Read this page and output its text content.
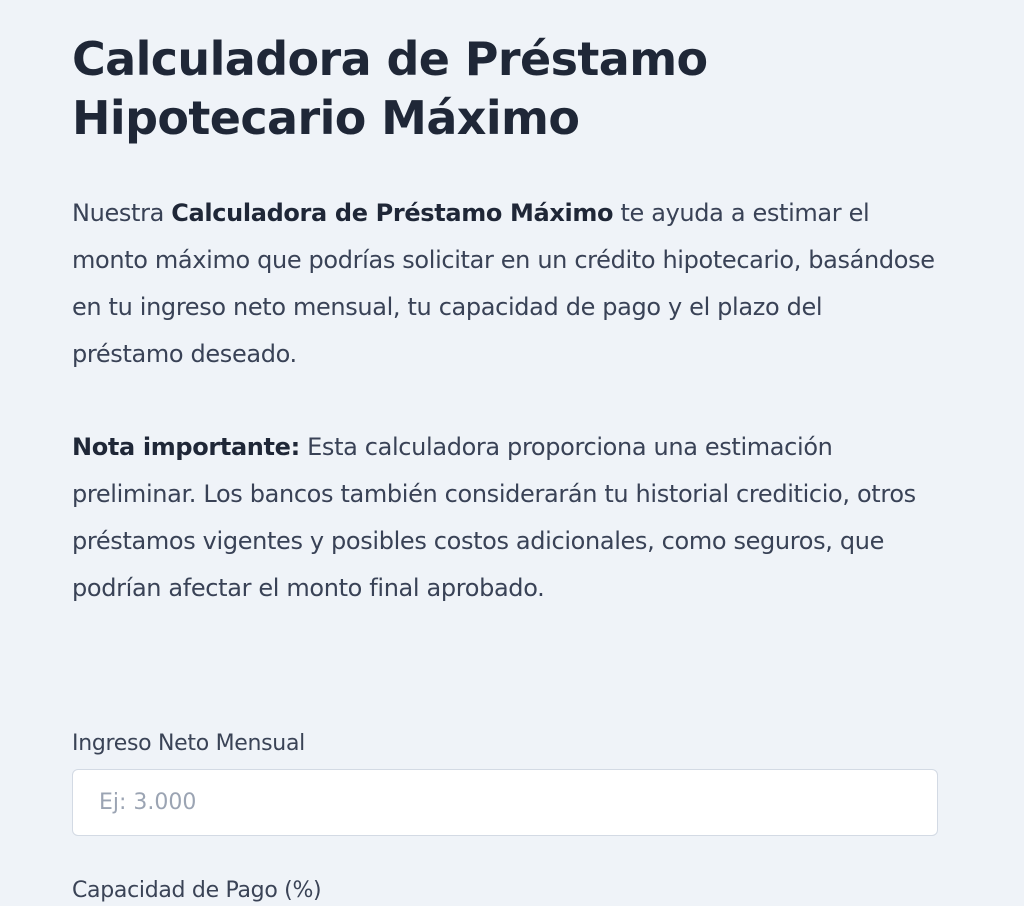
Calculadora de Préstamo Hipotecario Máximo

Nuestra Calculadora de Préstamo Máximo te ayuda a estimar el monto máximo que podrías solicitar en un crédito hipotecario, basándose en tu ingreso neto mensual, tu capacidad de pago y el plazo del préstamo deseado.

Nota importante: Esta calculadora proporciona una estimación preliminar. Los bancos también considerarán tu historial crediticio, otros préstamos vigentes y posibles costos adicionales, como seguros, que podrían afectar el monto final aprobado.

Ingreso Neto Mensual
Ej: 3.000
Capacidad de Pago (%)
